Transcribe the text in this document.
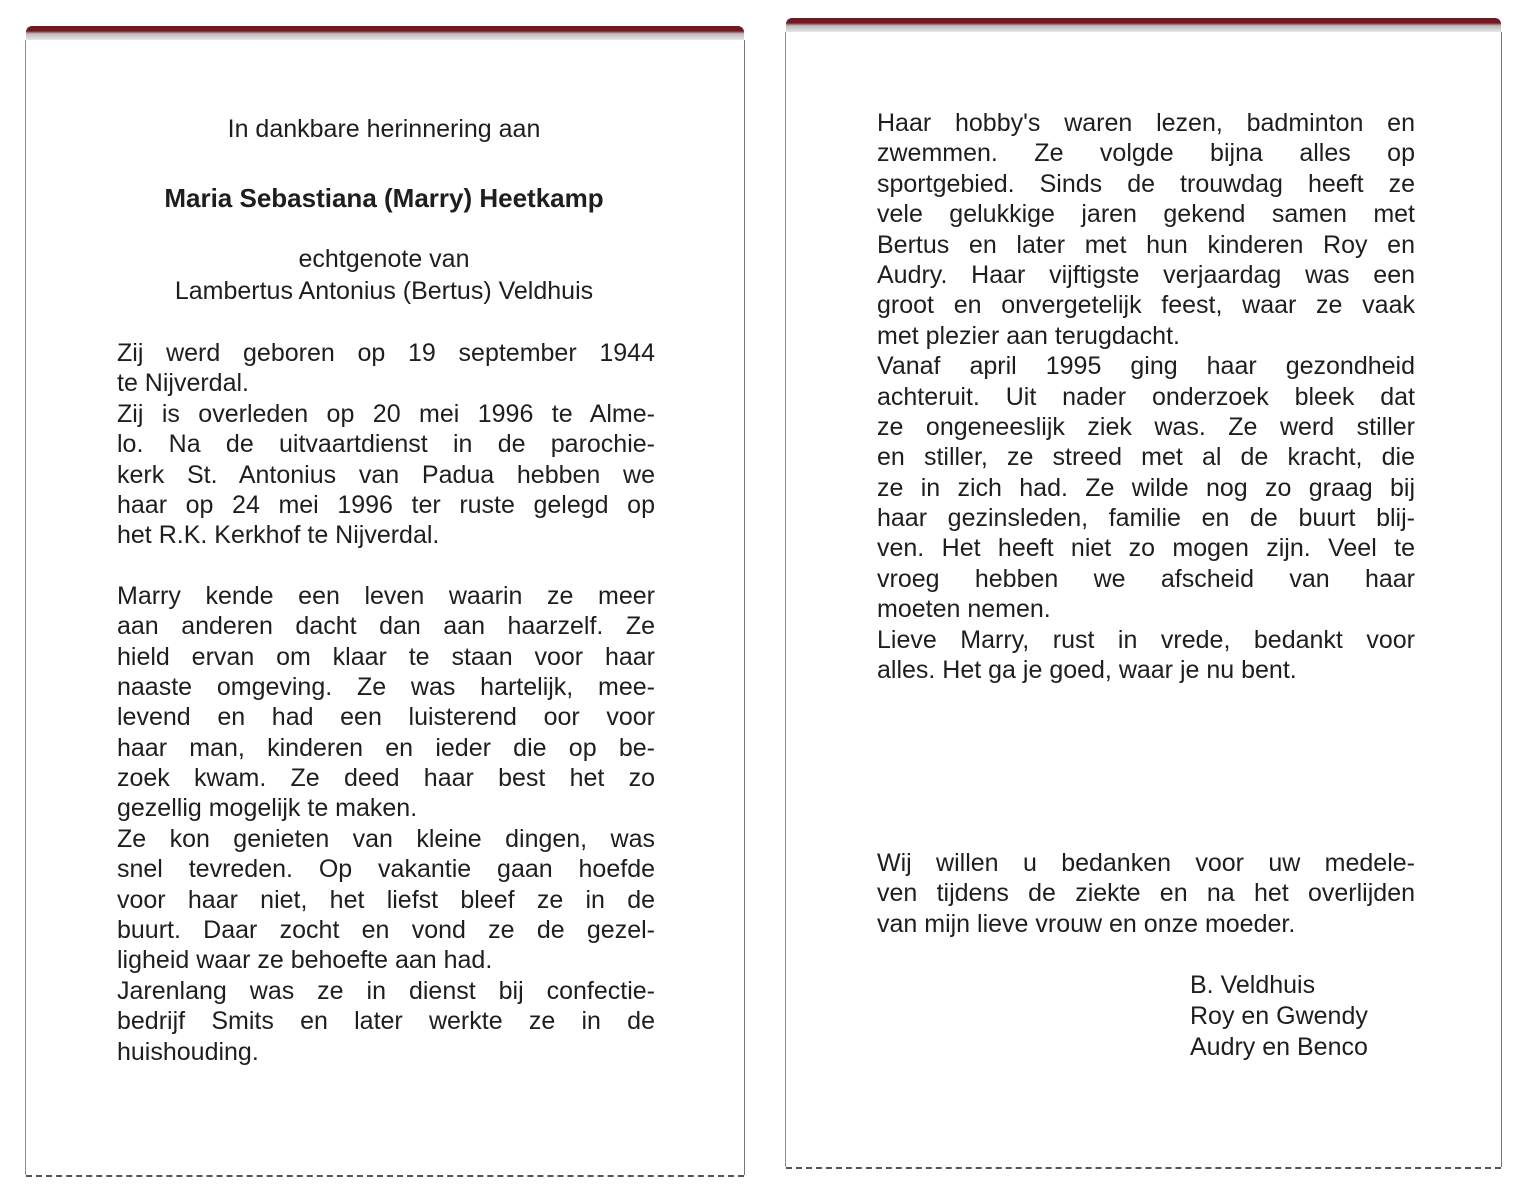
In dankbare herinnering aan
Maria Sebastiana (Marry) Heetkamp
echtgenote van
Lambertus Antonius (Bertus) Veldhuis
Zij werd geboren op 19 september 1944
te Nijverdal.
Zij is overleden op 20 mei 1996 te Alme-
lo. Na de uitvaartdienst in de parochie-
kerk St. Antonius van Padua hebben we
haar op 24 mei 1996 ter ruste gelegd op
het R.K. Kerkhof te Nijverdal.
Marry kende een leven waarin ze meer
aan anderen dacht dan aan haarzelf. Ze
hield ervan om klaar te staan voor haar
naaste omgeving. Ze was hartelijk, mee-
levend en had een luisterend oor voor
haar man, kinderen en ieder die op be-
zoek kwam. Ze deed haar best het zo
gezellig mogelijk te maken.
Ze kon genieten van kleine dingen, was
snel tevreden. Op vakantie gaan hoefde
voor haar niet, het liefst bleef ze in de
buurt. Daar zocht en vond ze de gezel-
ligheid waar ze behoefte aan had.
Jarenlang was ze in dienst bij confectie-
bedrijf Smits en later werkte ze in de
huishouding.
Haar hobby's waren lezen, badminton en
zwemmen. Ze volgde bijna alles op
sportgebied. Sinds de trouwdag heeft ze
vele gelukkige jaren gekend samen met
Bertus en later met hun kinderen Roy en
Audry. Haar vijftigste verjaardag was een
groot en onvergetelijk feest, waar ze vaak
met plezier aan terugdacht.
Vanaf april 1995 ging haar gezondheid
achteruit. Uit nader onderzoek bleek dat
ze ongeneeslijk ziek was. Ze werd stiller
en stiller, ze streed met al de kracht, die
ze in zich had. Ze wilde nog zo graag bij
haar gezinsleden, familie en de buurt blij-
ven. Het heeft niet zo mogen zijn. Veel te
vroeg hebben we afscheid van haar
moeten nemen.
Lieve Marry, rust in vrede, bedankt voor
alles. Het ga je goed, waar je nu bent.
Wij willen u bedanken voor uw medele-
ven tijdens de ziekte en na het overlijden
van mijn lieve vrouw en onze moeder.
B. Veldhuis
Roy en Gwendy
Audry en Benco
